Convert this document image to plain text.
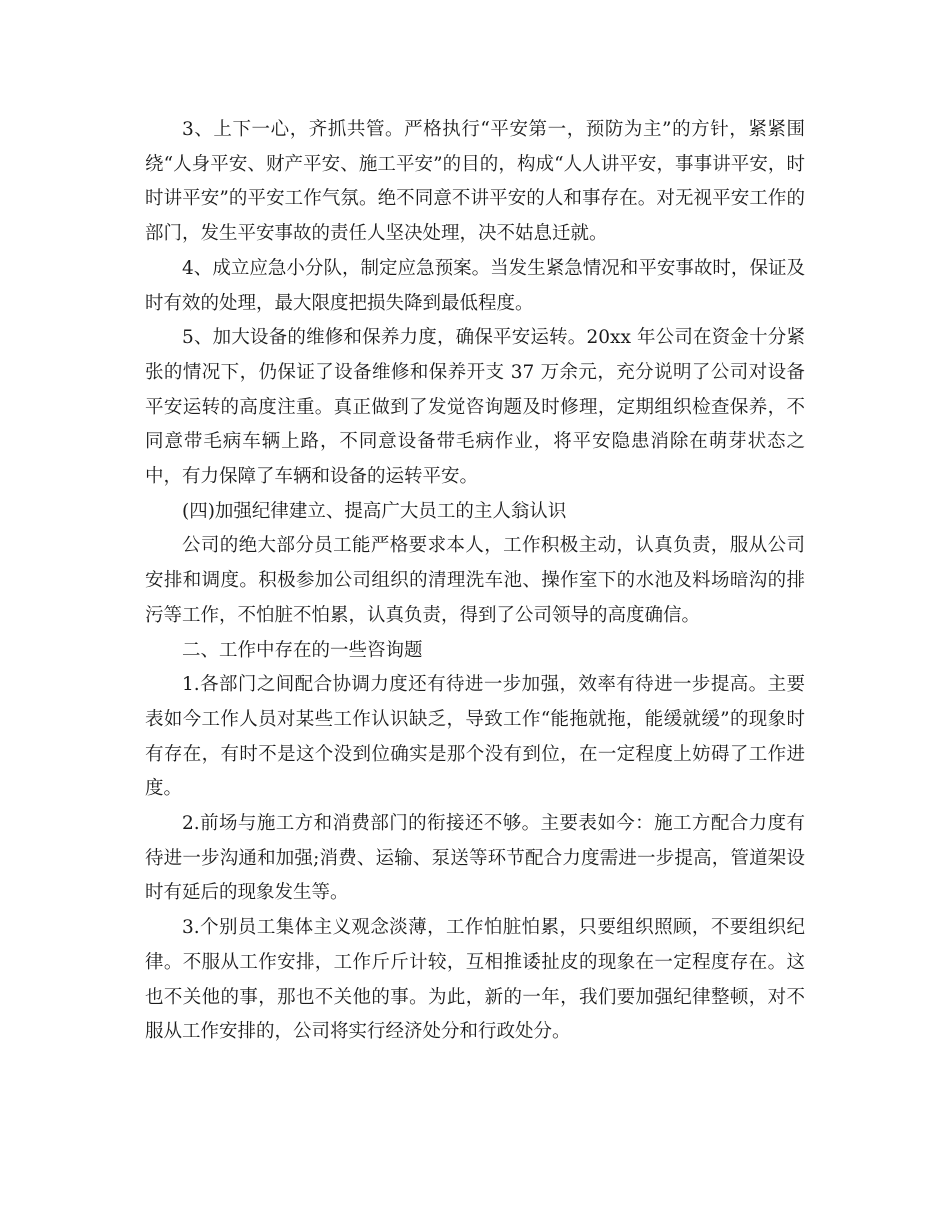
3、上下一心，齐抓共管。严格执行“平安第一，预防为主”的方针，紧紧围绕“人身平安、财产平安、施工平安”的目的，构成“人人讲平安，事事讲平安，时时讲平安”的平安工作气氛。绝不同意不讲平安的人和事存在。对无视平安工作的部门，发生平安事故的责任人坚决处理，决不姑息迁就。

4、成立应急小分队，制定应急预案。当发生紧急情况和平安事故时，保证及时有效的处理，最大限度把损失降到最低程度。

5、加大设备的维修和保养力度，确保平安运转。20xx 年公司在资金十分紧张的情况下，仍保证了设备维修和保养开支 37 万余元，充分说明了公司对设备平安运转的高度注重。真正做到了发觉咨询题及时修理，定期组织检查保养，不同意带毛病车辆上路，不同意设备带毛病作业，将平安隐患消除在萌芽状态之中，有力保障了车辆和设备的运转平安。

(四)加强纪律建立、提高广大员工的主人翁认识

公司的绝大部分员工能严格要求本人，工作积极主动，认真负责，服从公司安排和调度。积极参加公司组织的清理洗车池、操作室下的水池及料场暗沟的排污等工作，不怕脏不怕累，认真负责，得到了公司领导的高度确信。

二、工作中存在的一些咨询题

1.各部门之间配合协调力度还有待进一步加强，效率有待进一步提高。主要表如今工作人员对某些工作认识缺乏，导致工作“能拖就拖，能缓就缓”的现象时有存在，有时不是这个没到位确实是那个没有到位，在一定程度上妨碍了工作进度。

2.前场与施工方和消费部门的衔接还不够。主要表如今：施工方配合力度有待进一步沟通和加强;消费、运输、泵送等环节配合力度需进一步提高，管道架设时有延后的现象发生等。

3.个别员工集体主义观念淡薄，工作怕脏怕累，只要组织照顾，不要组织纪律。不服从工作安排，工作斤斤计较，互相推诿扯皮的现象在一定程度存在。这也不关他的事，那也不关他的事。为此，新的一年，我们要加强纪律整顿，对不服从工作安排的，公司将实行经济处分和行政处分。
